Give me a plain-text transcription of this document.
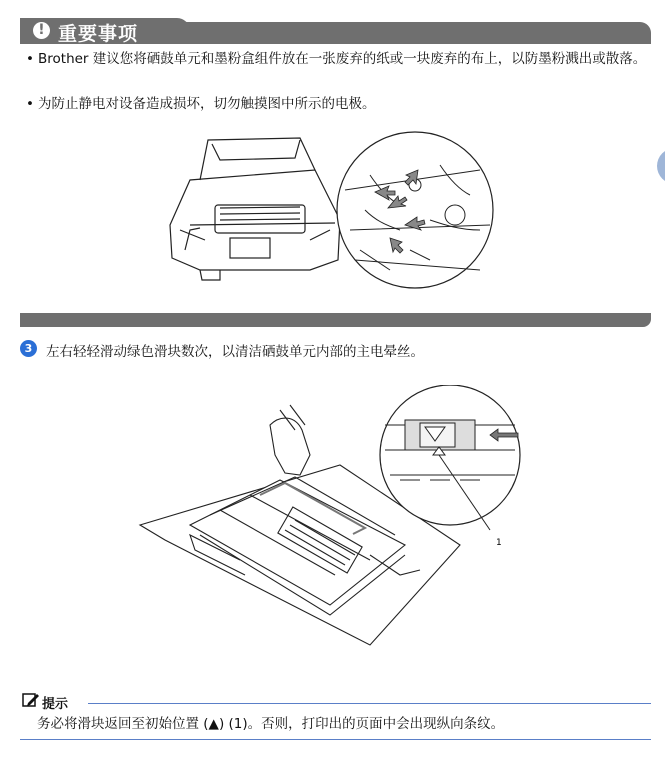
! 重要事项
• Brother 建议您将硒鼓单元和墨粉盒组件放在一张废弃的纸或一块废弃的布上，以防墨粉溅出或散落。
• 为防止静电对设备造成损坏，切勿触摸图中所示的电极。
3	左右轻轻滑动绿色滑块数次，以清洁硒鼓单元内部的主电晕丝。
1
提示
务必将滑块返回至初始位置 (▲) (1)。否则，打印出的页面中会出现纵向条纹。
